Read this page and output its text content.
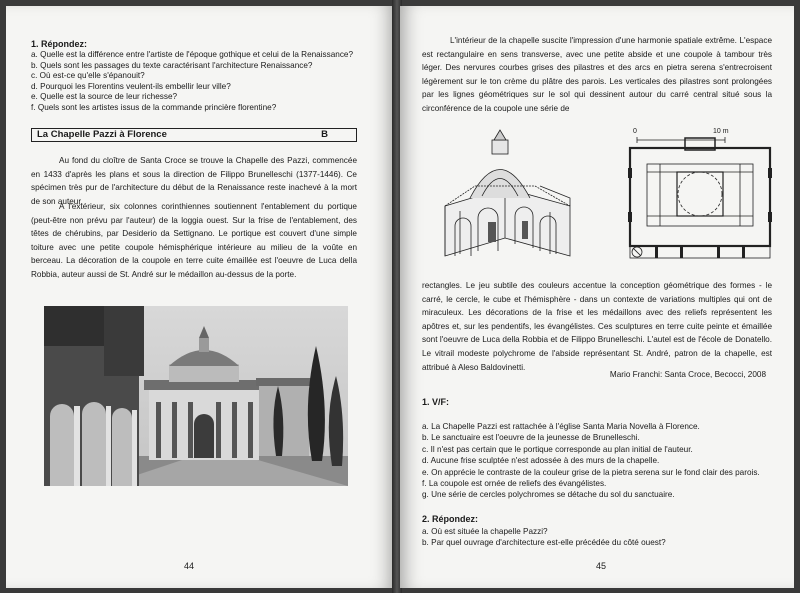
1. Répondez:
a. Quelle est la différence entre l'artiste de l'époque gothique et celui de la Renaissance?
b. Quels sont les passages du texte caractérisant l'architecture Renaissance?
c. Où est-ce qu'elle s'épanouit?
d. Pourquoi les Florentins veulent-ils embellir leur ville?
e. Quelle est la source de leur richesse?
f. Quels sont les artistes issus de la commande princière florentine?
La Chapelle Pazzi à Florence	B

Au fond du cloître de Santa Croce se trouve la Chapelle des Pazzi, commencée en 1433 d'après les plans et sous la direction de Filippo Brunelleschi (1377-1446). Ce spécimen très pur de l'architecture du début de la Renaissance reste inachevé à la mort de son auteur.

A l'extérieur, six colonnes corinthiennes soutiennent l'entablement du portique (peut-être non prévu par l'auteur) de la loggia ouest. Sur la frise de l'entablement, des têtes de chérubins, par Desiderio da Settignano. Le portique est couvert d'une simple toiture avec une petite coupole hémisphérique intérieure au milieu de la voûte en berceau. La décoration de la coupole en terre cuite émaillée est l'oeuvre de Luca della Robbia, auteur aussi de St. André sur le médaillon au-dessus de la porte.

44

L'intérieur de la chapelle suscite l'impression d'une harmonie spatiale extrême. L'espace est rectangulaire en sens transverse, avec une petite abside et une coupole à tambour très léger. Des nervures courbes grises des pilastres et des arcs en pietra serena s'entrecroisent légèrement sur le ton crème du plâtre des parois. Les verticales des pilastres sont prolongées par les lignes géométriques sur le sol qui dessinent autour du carré central situé sous la circonférence de la coupole une série de

0	10 m

rectangles. Le jeu subtile des couleurs accentue la conception géométrique des formes - le carré, le cercle, le cube et l'hémisphère - dans un contexte de variations multiples qui ont de miraculeux. Les décorations de la frise et les médaillons avec des reliefs représentent les apôtres et, sur les pendentifs, les évangélistes. Ces sculptures en terre cuite peinte et émaillée sont l'oeuvre de Luca della Robbia et de Filippo Brunelleschi. L'autel est de l'école de Donatello. Le vitrail modeste polychrome de l'abside représentant St. André, patron de la chapelle, est attribué à Aleso Baldovinetti.

Mario Franchi: Santa Croce, Becocci, 2008
1. V/F:
a. La Chapelle Pazzi est rattachée à l'église Santa Maria Novella à Florence.
b. Le sanctuaire est l'oeuvre de la jeunesse de Brunelleschi.
c. Il n'est pas certain que le portique corresponde au plan initial de l'auteur.
d. Aucune frise sculptée n'est adossée à des murs de la chapelle.
e. On apprécie le contraste de la couleur grise de la pietra serena sur le fond clair des parois.
f. La coupole est ornée de reliefs des évangélistes.
g. Une série de cercles polychromes se détache du sol du sanctuaire.
2. Répondez:
a. Où est située la chapelle Pazzi?
b. Par quel ouvrage d'architecture est-elle précédée du côté ouest?
45
